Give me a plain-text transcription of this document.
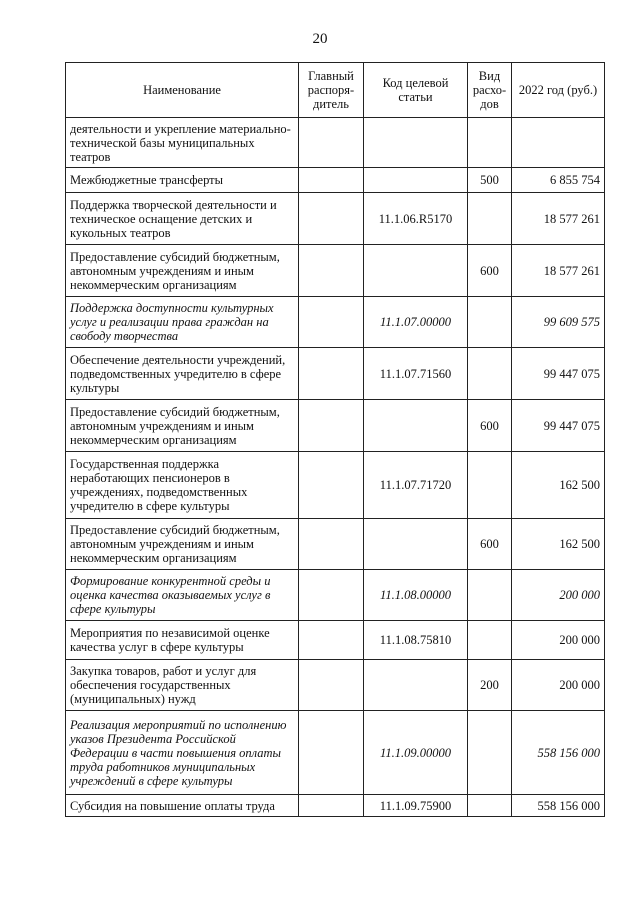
20
Наименование	Главный распоря-дитель	Код целевой статьи	Вид расхо-дов	2022 год (руб.)
деятельности и укрепление материально-технической базы муниципальных театров				
Межбюджетные трансферты			500	6 855 754
Поддержка творческой деятельности и техническое оснащение детских и кукольных театров		11.1.06.R5170		18 577 261
Предоставление субсидий бюджетным, автономным учреждениям и иным некоммерческим организациям			600	18 577 261
Поддержка доступности культурных услуг и реализации права граждан на свободу творчества		11.1.07.00000		99 609 575
Обеспечение деятельности учреждений, подведомственных учредителю в сфере культуры		11.1.07.71560		99 447 075
Предоставление субсидий бюджетным, автономным учреждениям и иным некоммерческим организациям			600	99 447 075
Государственная поддержка неработающих пенсионеров в учреждениях, подведомственных учредителю в сфере культуры		11.1.07.71720		162 500
Предоставление субсидий бюджетным, автономным учреждениям и иным некоммерческим организациям			600	162 500
Формирование конкурентной среды и оценка качества оказываемых услуг в сфере культуры		11.1.08.00000		200 000
Мероприятия по независимой оценке качества услуг в сфере культуры		11.1.08.75810		200 000
Закупка товаров, работ и услуг для обеспечения государственных (муниципальных) нужд			200	200 000
Реализация мероприятий по исполнению указов Президента Российской Федерации в части повышения оплаты труда работников муниципальных учреждений в сфере культуры		11.1.09.00000		558 156 000
Субсидия на повышение оплаты труда		11.1.09.75900		558 156 000
